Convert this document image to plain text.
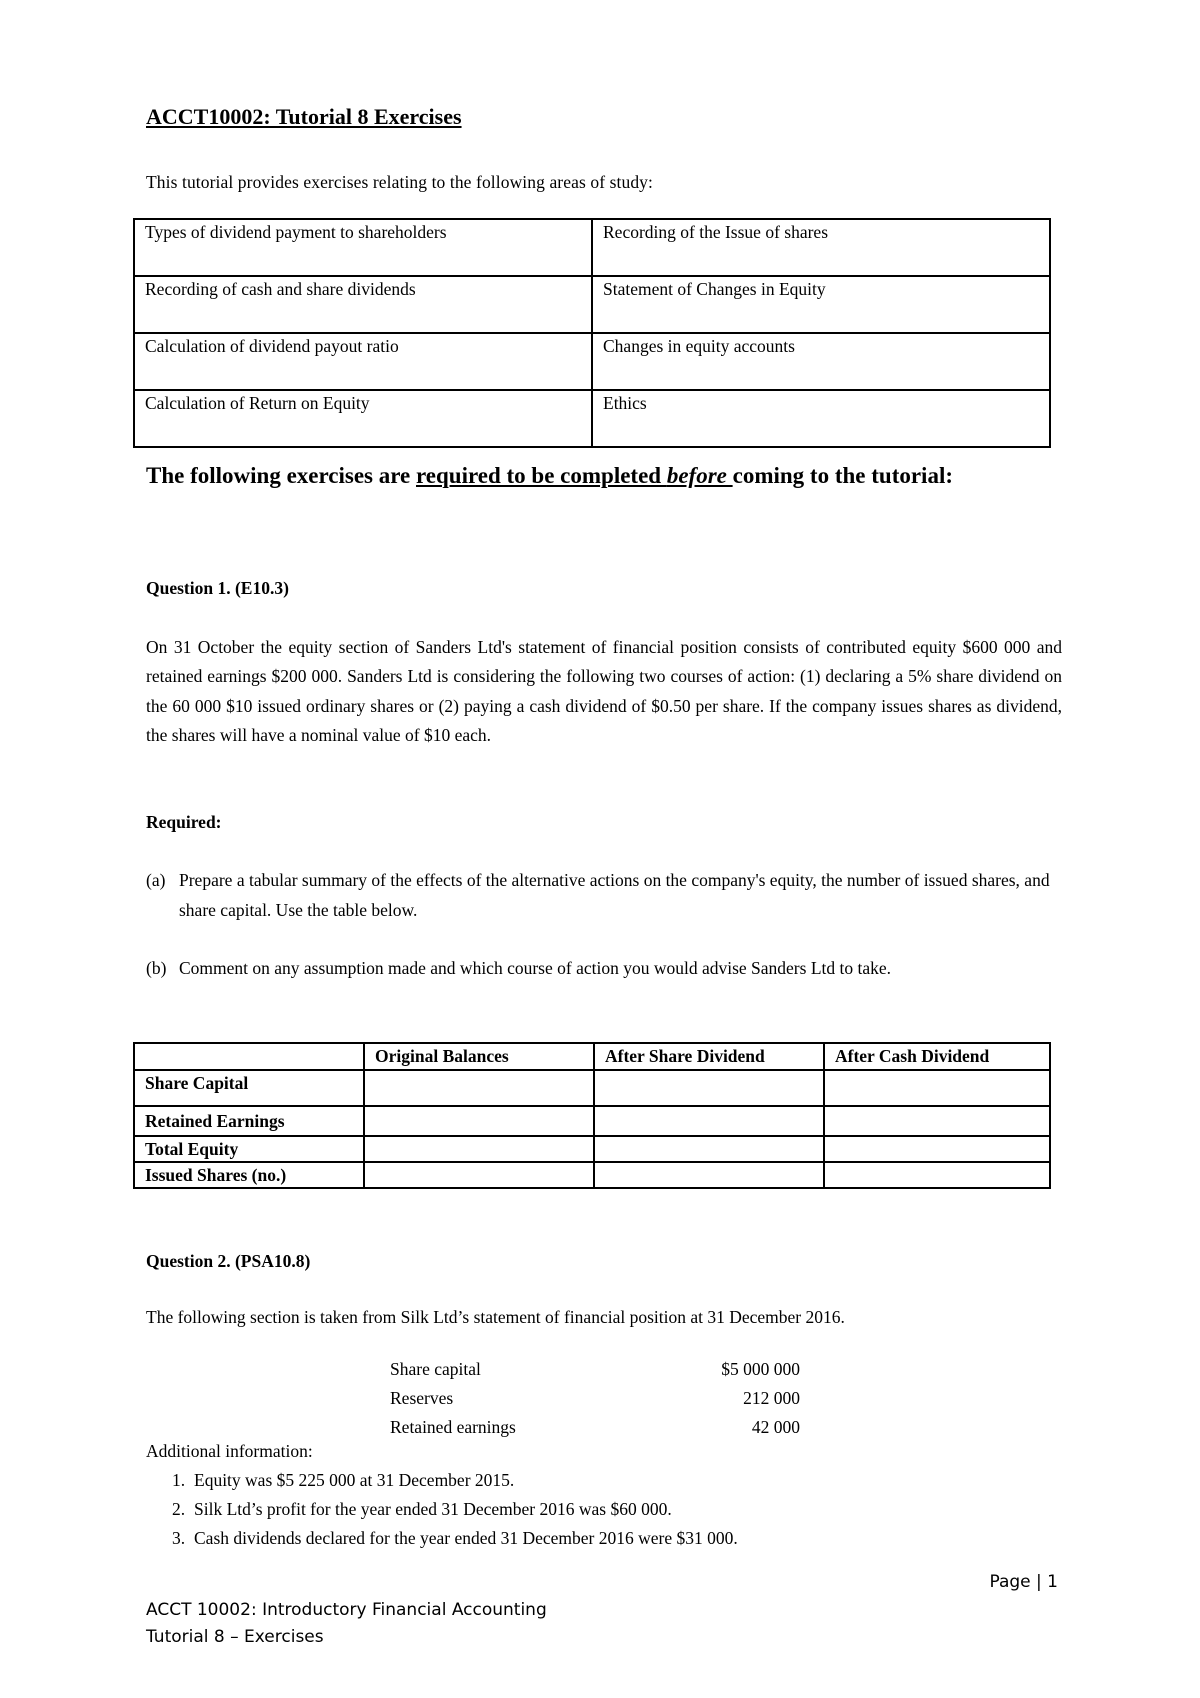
ACCT10002: Tutorial 8 Exercises
This tutorial provides exercises relating to the following areas of study:
Types of dividend payment to shareholders	Recording of the Issue of shares
Recording of cash and share dividends	Statement of Changes in Equity
Calculation of dividend payout ratio	Changes in equity accounts
Calculation of Return on Equity	Ethics
The following exercises are required to be completed before coming to the tutorial:
Question 1. (E10.3)
On 31 October the equity section of Sanders Ltd's statement of financial position consists of contributed equity $600 000 and retained earnings $200 000. Sanders Ltd is considering the following two courses of action: (1) declaring a 5% share dividend on the 60 000 $10 issued ordinary shares or (2) paying a cash dividend of $0.50 per share. If the company issues shares as dividend, the shares will have a nominal value of $10 each.
Required:
(a) Prepare a tabular summary of the effects of the alternative actions on the company's equity, the number of issued shares, and share capital. Use the table below.
(b) Comment on any assumption made and which course of action you would advise Sanders Ltd to take.
	Original Balances	After Share Dividend	After Cash Dividend
Share Capital			
Retained Earnings			
Total Equity			
Issued Shares (no.)			
Question 2. (PSA10.8)
The following section is taken from Silk Ltd’s statement of financial position at 31 December 2016.
Share capital	$5 000 000
Reserves	212 000
Retained earnings	42 000
Additional information:
1. Equity was $5 225 000 at 31 December 2015.
2. Silk Ltd’s profit for the year ended 31 December 2016 was $60 000.
3. Cash dividends declared for the year ended 31 December 2016 were $31 000.
Page | 1
ACCT 10002: Introductory Financial Accounting
Tutorial 8 – Exercises
